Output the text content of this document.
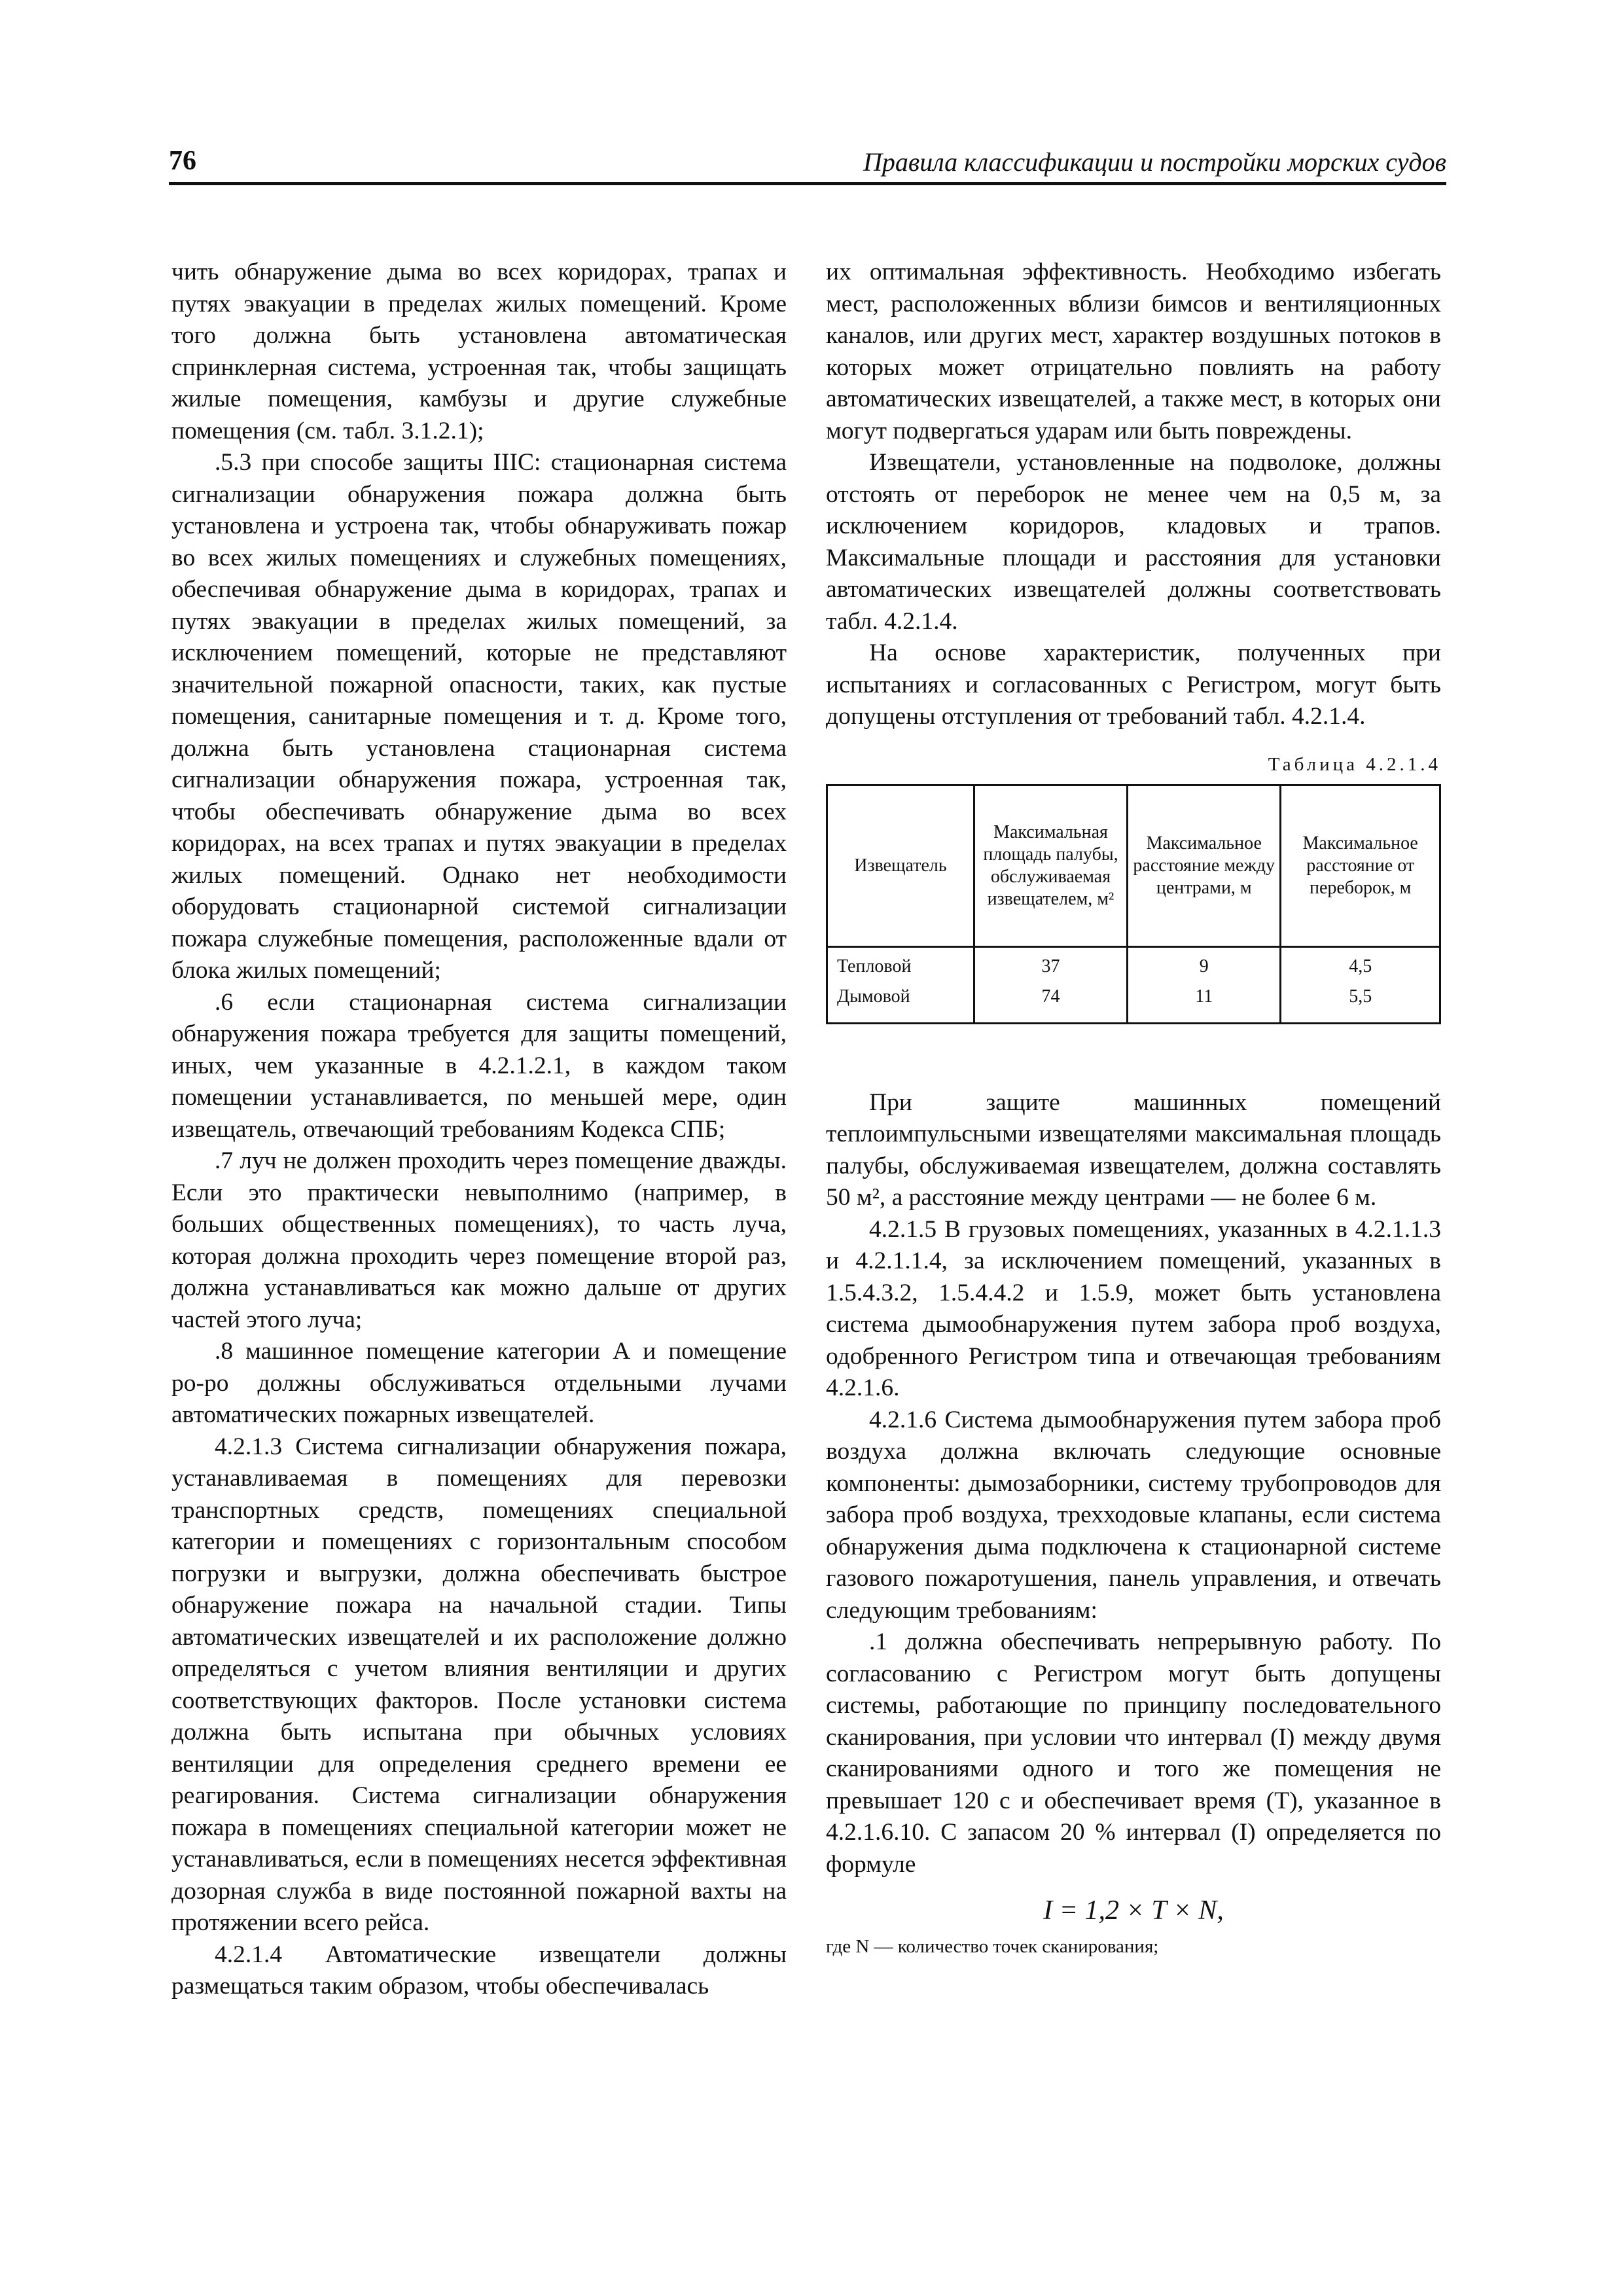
76	Правила классификации и постройки морских судов

чить обнаружение дыма во всех коридорах, трапах и путях эвакуации в пределах жилых помещений. Кроме того должна быть установлена автоматическая спринклерная система, устроенная так, чтобы защищать жилые помещения, камбузы и другие служебные помещения (см. табл. 3.1.2.1);

.5.3 при способе защиты IIIС: стационарная система сигнализации обнаружения пожара должна быть установлена и устроена так, чтобы обнаруживать пожар во всех жилых помещениях и служебных помещениях, обеспечивая обнаружение дыма в коридорах, трапах и путях эвакуации в пределах жилых помещений, за исключением помещений, которые не представляют значительной пожарной опасности, таких, как пустые помещения, санитарные помещения и т. д. Кроме того, должна быть установлена стационарная система сигнализации обнаружения пожара, устроенная так, чтобы обеспечивать обнаружение дыма во всех коридорах, на всех трапах и путях эвакуации в пределах жилых помещений. Однако нет необходимости оборудовать стационарной системой сигнализации пожара служебные помещения, расположенные вдали от блока жилых помещений;

.6 если стационарная система сигнализации обнаружения пожара требуется для защиты помещений, иных, чем указанные в 4.2.1.2.1, в каждом таком помещении устанавливается, по меньшей мере, один извещатель, отвечающий требованиям Кодекса СПБ;

.7 луч не должен проходить через помещение дважды. Если это практически невыполнимо (например, в больших общественных помещениях), то часть луча, которая должна проходить через помещение второй раз, должна устанавливаться как можно дальше от других частей этого луча;

.8 машинное помещение категории А и помещение ро-ро должны обслуживаться отдельными лучами автоматических пожарных извещателей.

4.2.1.3 Система сигнализации обнаружения пожара, устанавливаемая в помещениях для перевозки транспортных средств, помещениях специальной категории и помещениях с горизонтальным способом погрузки и выгрузки, должна обеспечивать быстрое обнаружение пожара на начальной стадии. Типы автоматических извещателей и их расположение должно определяться с учетом влияния вентиляции и других соответствующих факторов. После установки система должна быть испытана при обычных условиях вентиляции для определения среднего времени ее реагирования. Система сигнализации обнаружения пожара в помещениях специальной категории может не устанавливаться, если в помещениях несется эффективная дозорная служба в виде постоянной пожарной вахты на протяжении всего рейса.

4.2.1.4 Автоматические извещатели должны размещаться таким образом, чтобы обеспечивалась

их оптимальная эффективность. Необходимо избегать мест, расположенных вблизи бимсов и вентиляционных каналов, или других мест, характер воздушных потоков в которых может отрицательно повлиять на работу автоматических извещателей, а также мест, в которых они могут подвергаться ударам или быть повреждены.

Извещатели, установленные на подволоке, должны отстоять от переборок не менее чем на 0,5 м, за исключением коридоров, кладовых и трапов. Максимальные площади и расстояния для установки автоматических извещателей должны соответствовать табл. 4.2.1.4.

На основе характеристик, полученных при испытаниях и согласованных с Регистром, могут быть допущены отступления от требований табл. 4.2.1.4.

Таблица 4.2.1.4
Извещатель	Максимальная площадь палубы, обслуживаемая извещателем, м²	Максимальное расстояние между центрами, м	Максимальное расстояние от переборок, м
Тепловой	37	9	4,5
Дымовой	74	11	5,5

При защите машинных помещений теплоимпульсными извещателями максимальная площадь палубы, обслуживаемая извещателем, должна составлять 50 м², а расстояние между центрами — не более 6 м.

4.2.1.5 В грузовых помещениях, указанных в 4.2.1.1.3 и 4.2.1.1.4, за исключением помещений, указанных в 1.5.4.3.2, 1.5.4.4.2 и 1.5.9, может быть установлена система дымообнаружения путем забора проб воздуха, одобренного Регистром типа и отвечающая требованиям 4.2.1.6.

4.2.1.6 Система дымообнаружения путем забора проб воздуха должна включать следующие основные компоненты: дымозаборники, систему трубопроводов для забора проб воздуха, трехходовые клапаны, если система обнаружения дыма подключена к стационарной системе газового пожаротушения, панель управления, и отвечать следующим требованиям:

.1 должна обеспечивать непрерывную работу. По согласованию с Регистром могут быть допущены системы, работающие по принципу последовательного сканирования, при условии что интервал (I) между двумя сканированиями одного и того же помещения не превышает 120 с и обеспечивает время (T), указанное в 4.2.1.6.10. С запасом 20 % интервал (I) определяется по формуле

I = 1,2 × T × N,
где N — количество точек сканирования;
